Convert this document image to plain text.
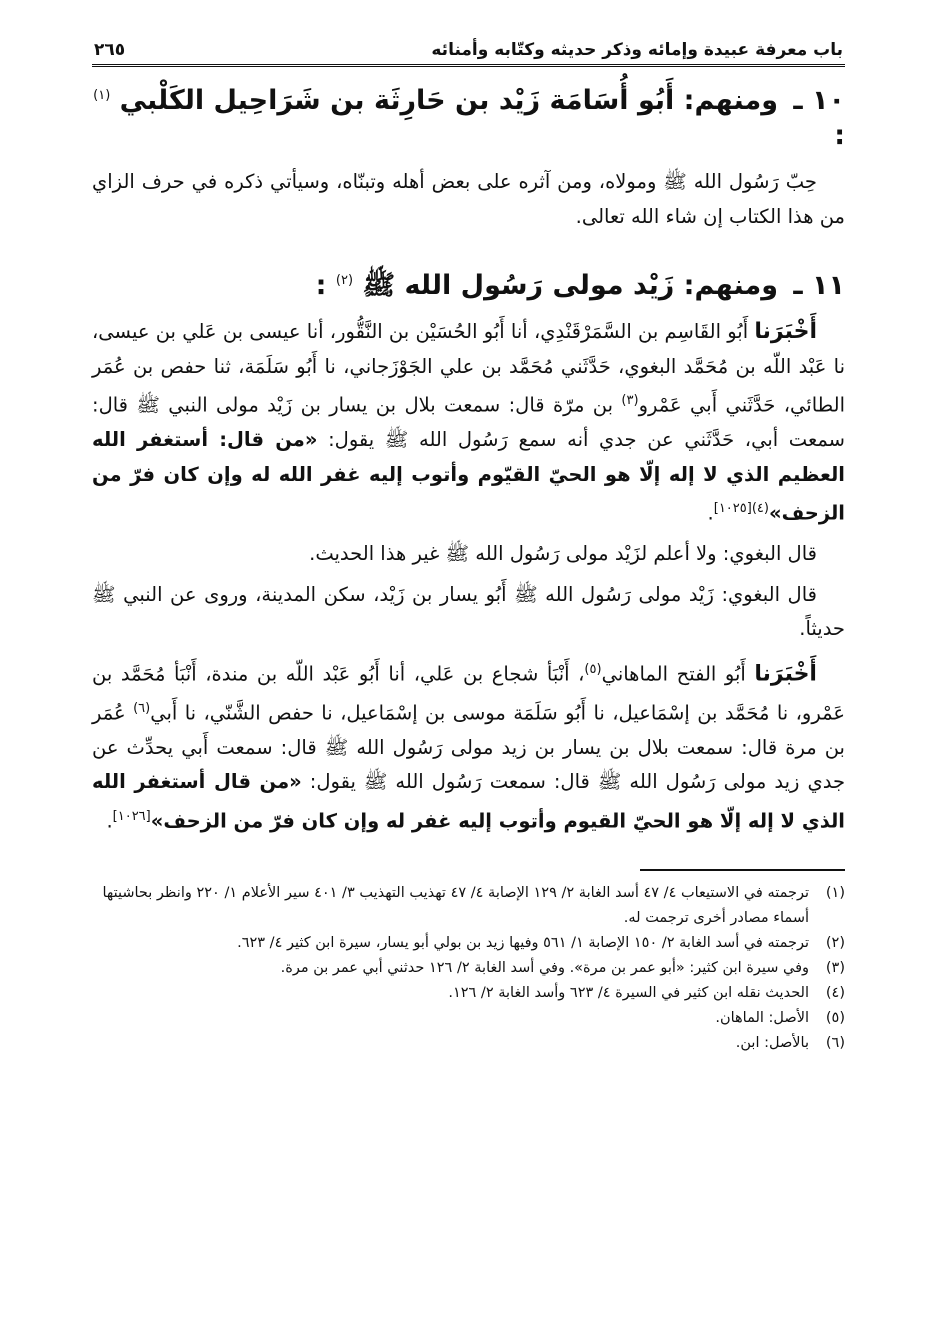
باب معرفة عبيدة وإمائه وذكر حديثه وكتّابه وأمنائه
٢٦٥
١٠ ـ ومنهم: أَبُو أُسَامَة زَيْد بن حَارِثَة بن شَرَاحِيل الكَلْبي $^{(١)}$ :

حِبّ رَسُول الله ﷺ ومولاه، ومن آثره على بعض أهله وتبنّاه، وسيأتي ذكره في حرف الزاي من هذا الكتاب إن شاء الله تعالى.

١١ ـ ومنهم: زَيْد مولى رَسُول الله ﷺ $^{(٢)}$ :

أَخْبَرَنا أَبُو القَاسِم بن السَّمَرْقَنْدِي، أنا أَبُو الحُسَيْن بن النَّقُّور، أنا عيسى بن عَلي بن عيسى، نا عَبْد اللّه بن مُحَمَّد البغوي، حَدَّثَني مُحَمَّد بن علي الجَوْزَجاني، نا أَبُو سَلَمَة، ثنا حفص بن عُمَر الطائي، حَدَّثَني أَبي عَمْرو$^{(٣)}$ بن مرّة قال: سمعت بلال بن يسار بن زَيْد مولى النبي ﷺ قال: سمعت أبي، حَدَّثَني عن جدي أنه سمع رَسُول الله ﷺ يقول: «من قال: أستغفر الله العظيم الذي لا إله إلّا هو الحيّ القيّوم وأتوب إليه غفر الله له وإن كان فرّ من الزحف»$^{(٤)[١٠٢٥]}$.

قال البغوي: ولا أعلم لزَيْد مولى رَسُول الله ﷺ غير هذا الحديث.

قال البغوي: زَيْد مولى رَسُول الله ﷺ أَبُو يسار بن زَيْد، سكن المدينة، وروى عن النبي ﷺ حديثاً.

أَخْبَرَنا أَبُو الفتح الماهاني$^{(٥)}$، أَنْبَأ شجاع بن عَلي، أنا أَبُو عَبْد اللّه بن مندة، أَنْبَأ مُحَمَّد بن عَمْرو، نا مُحَمَّد بن إسْمَاعيل، نا أَبُو سَلَمَة موسى بن إسْمَاعيل، نا حفص الشَّنّي، نا أَبي$^{(٦)}$ عُمَر بن مرة قال: سمعت بلال بن يسار بن زيد مولى رَسُول الله ﷺ قال: سمعت أَبي يحدِّث عن جدي زيد مولى رَسُول الله ﷺ قال: سمعت رَسُول الله ﷺ يقول: «من قال أستغفر الله الذي لا إله إلّا هو الحيّ القيوم وأتوب إليه غفر له وإن كان فرّ من الزحف»[١٠٢٦].

(١)
ترجمته في الاستيعاب ٤/ ٤٧ أسد الغابة ٢/ ١٢٩ الإصابة ٤/ ٤٧ تهذيب التهذيب ٣/ ٤٠١ سير الأعلام ١/ ٢٢٠ وانظر بحاشيتها أسماء مصادر أخرى ترجمت له.
(٢)
ترجمته في أسد الغابة ٢/ ١٥٠ الإصابة ١/ ٥٦١ وفيها زيد بن بولي أبو يسار، سيرة ابن كثير ٤/ ٦٢٣.
(٣)
وفي سيرة ابن كثير: «أبو عمر بن مرة». وفي أسد الغابة ٢/ ١٢٦ حدثني أبي عمر بن مرة.
(٤)
الحديث نقله ابن كثير في السيرة ٤/ ٦٢٣ وأسد الغابة ٢/ ١٢٦.
(٥)
الأصل: الماهان.
(٦)
بالأصل: ابن.
